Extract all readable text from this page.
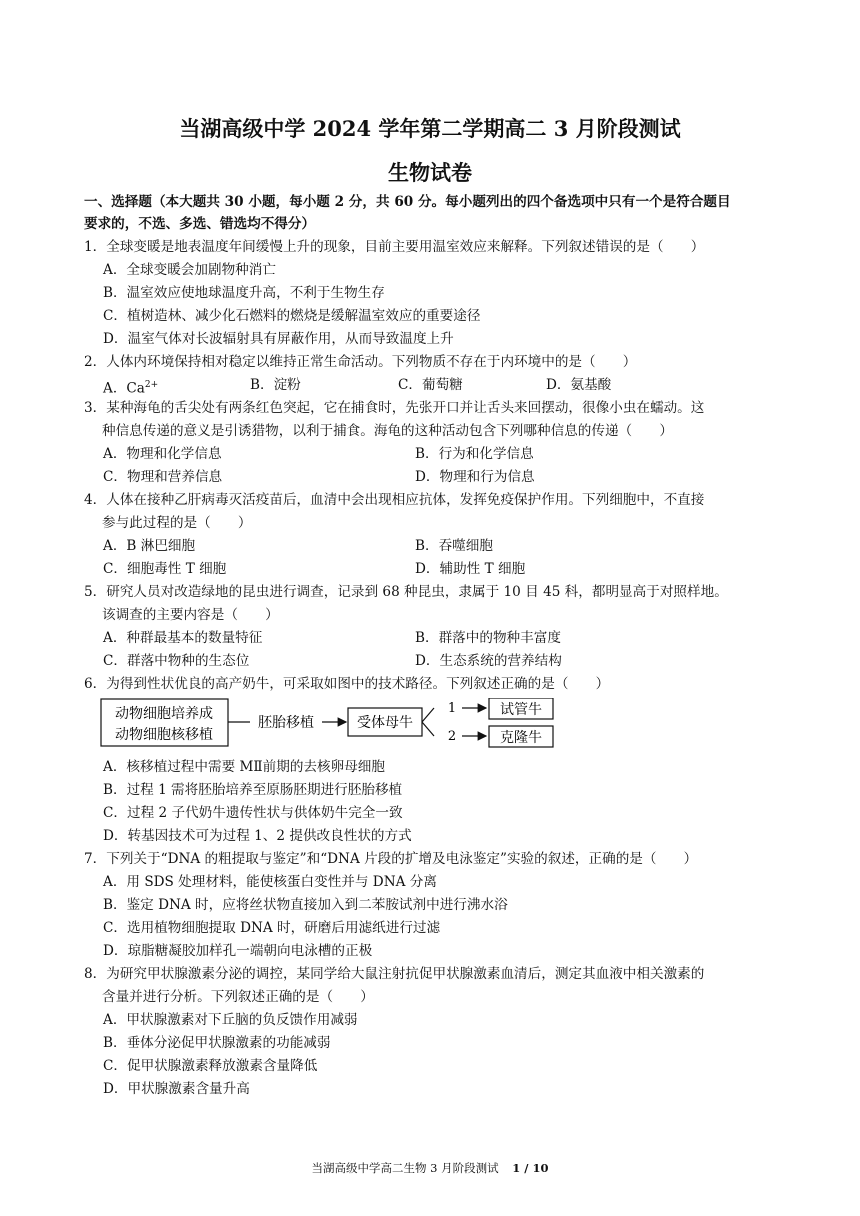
当湖高级中学 2024 学年第二学期高二 3 月阶段测试
生物试卷
一、选择题（本大题共 30 小题，每小题 2 分，共 60 分。每小题列出的四个备选项中只有一个是符合题目
要求的，不选、多选、错选均不得分）
1．全球变暖是地表温度年间缓慢上升的现象，目前主要用温室效应来解释。下列叙述错误的是（　　）
A．全球变暖会加剧物种消亡
B．温室效应使地球温度升高，不利于生物生存
C．植树造林、减少化石燃料的燃烧是缓解温室效应的重要途径
D．温室气体对长波辐射具有屏蔽作用，从而导致温度上升
2．人体内环境保持相对稳定以维持正常生命活动。下列物质不存在于内环境中的是（　　）
A．$Ca^{2+}$	B．淀粉	C．葡萄糖	D．氨基酸
3．某种海龟的舌尖处有两条红色突起，它在捕食时，先张开口并让舌头来回摆动，很像小虫在蠕动。这
种信息传递的意义是引诱猎物，以利于捕食。海龟的这种活动包含下列哪种信息的传递（　　）
A．物理和化学信息	B．行为和化学信息
C．物理和营养信息	D．物理和行为信息
4．人体在接种乙肝病毒灭活疫苗后，血清中会出现相应抗体，发挥免疫保护作用。下列细胞中，不直接
参与此过程的是（　　）
A．B 淋巴细胞	B．吞噬细胞
C．细胞毒性 T 细胞	D．辅助性 T 细胞
5．研究人员对改造绿地的昆虫进行调查，记录到 68 种昆虫，隶属于 10 目 45 科，都明显高于对照样地。
该调查的主要内容是（　　）
A．种群最基本的数量特征	B．群落中的物种丰富度
C．群落中物种的生态位	D．生态系统的营养结构
6．为得到性状优良的高产奶牛，可采取如图中的技术路径。下列叙述正确的是（　　）
动物细胞培养成
动物细胞核移植
胚胎移植	受体母牛
1
2
试管牛
克隆牛
A．核移植过程中需要 MⅡ前期的去核卵母细胞
B．过程 1 需将胚胎培养至原肠胚期进行胚胎移植
C．过程 2 子代奶牛遗传性状与供体奶牛完全一致
D．转基因技术可为过程 1、2 提供改良性状的方式
7．下列关于“DNA 的粗提取与鉴定”和“DNA 片段的扩增及电泳鉴定”实验的叙述，正确的是（　　）
A．用 SDS 处理材料，能使核蛋白变性并与 DNA 分离
B．鉴定 DNA 时，应将丝状物直接加入到二苯胺试剂中进行沸水浴
C．选用植物细胞提取 DNA 时，研磨后用滤纸进行过滤
D．琼脂糖凝胶加样孔一端朝向电泳槽的正极
8．为研究甲状腺激素分泌的调控，某同学给大鼠注射抗促甲状腺激素血清后，测定其血液中相关激素的
含量并进行分析。下列叙述正确的是（　　）
A．甲状腺激素对下丘脑的负反馈作用减弱
B．垂体分泌促甲状腺激素的功能减弱
C．促甲状腺激素释放激素含量降低
D．甲状腺激素含量升高
当湖高级中学高二生物 3 月阶段测试 1 / 10
